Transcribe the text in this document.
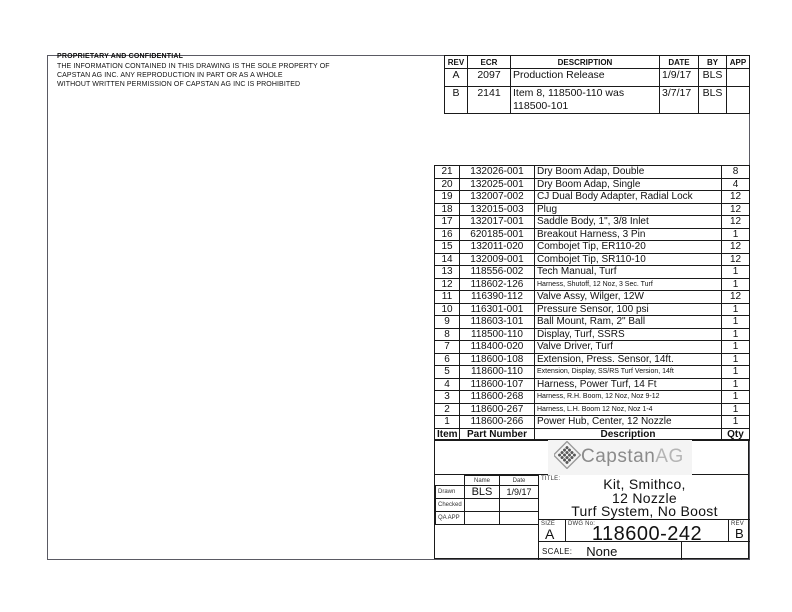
PROPRIETARY AND CONFIDENTIAL
THE INFORMATION CONTAINED IN THIS DRAWING IS THE SOLE PROPERTY OF
CAPSTAN AG INC. ANY REPRODUCTION IN PART OR AS A WHOLE
WITHOUT WRITTEN PERMISSION OF CAPSTAN AG INC IS PROHIBITED
REV	ECR	DESCRIPTION	DATE	BY	APP
A	2097	Production Release	1/9/17	BLS	
B	2141	Item 8, 118500-110 was 118500-101	3/7/17	BLS	
21	132026-001	Dry Boom Adap, Double	8
20	132025-001	Dry Boom Adap, Single	4
19	132007-002	CJ Dual Body Adapter, Radial Lock	12
18	132015-003	Plug	12
17	132017-001	Saddle Body, 1", 3/8 Inlet	12
16	620185-001	Breakout Harness, 3 Pin	1
15	132011-020	Combojet Tip, ER110-20	12
14	132009-001	Combojet Tip, SR110-10	12
13	118556-002	Tech Manual, Turf	1
12	118602-126	Harness, Shutoff, 12 Noz, 3 Sec. Turf	1
11	116390-112	Valve Assy, Wilger, 12W	12
10	116301-001	Pressure Sensor, 100 psi	1
9	118603-101	Ball Mount, Ram, 2" Ball	1
8	118500-110	Display, Turf, SSRS	1
7	118400-020	Valve Driver, Turf	1
6	118600-108	Extension, Press. Sensor, 14ft.	1
5	118600-110	Extension, Display, SS/RS Turf Version, 14ft	1
4	118600-107	Harness, Power Turf, 14 Ft	1
3	118600-268	Harness, R.H. Boom, 12 Noz, Noz 9-12	1
2	118600-267	Harness, L.H. Boom 12 Noz, Noz 1-4	1
1	118600-266	Power Hub, Center, 12 Nozzle	1
Item	Part Number	Description	Qty
CapstanAG
	Name	Date
Drawn	BLS	1/9/17
Checked		
QA APP		
TITLE:	Kit, Smithco,
12 Nozzle
Turf System, No Boost
SIZE
A
DWG No:
118600-242	REV
B
SCALE: None
